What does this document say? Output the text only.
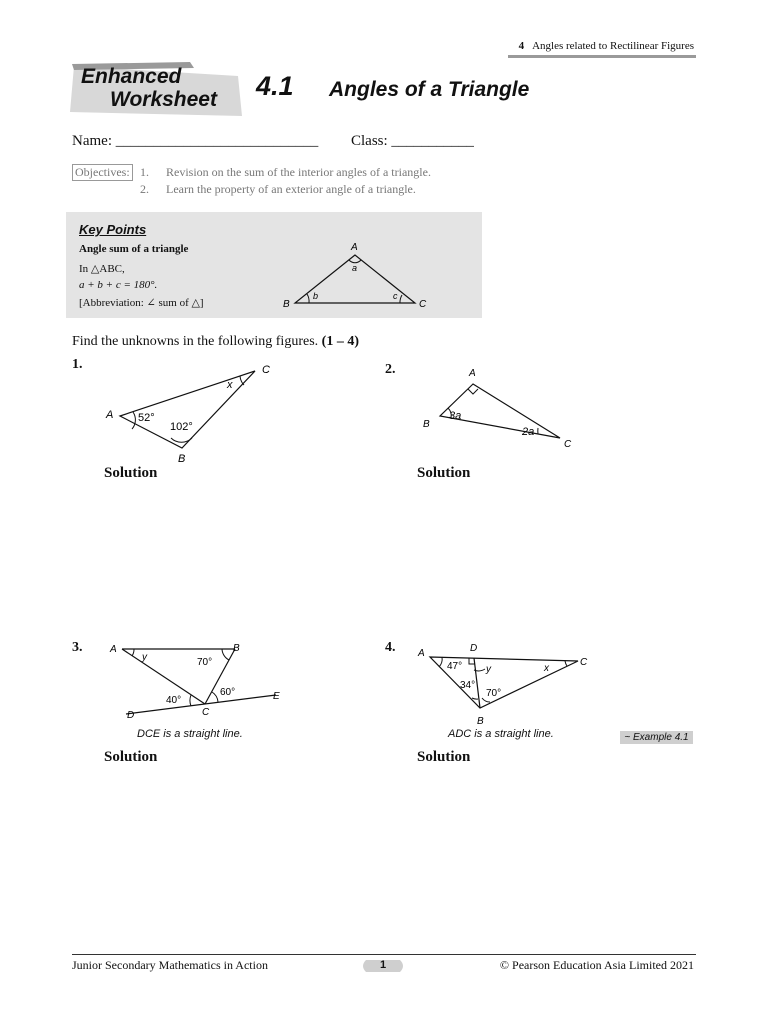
4 Angles related to Rectilinear Figures
Enhanced
Worksheet 4.1 Angles of a Triangle
Name: ___________________________ Class: ___________
Objectives: 1. Revision on the sum of the interior angles of a triangle.
2. Learn the property of an exterior angle of a triangle.
Key Points
Angle sum of a triangle
In △ABC,
a + b + c = 180°.
[Abbreviation: ∠ sum of △]
A
B	C
a
b	c
Find the unknowns in the following figures. (1 – 4)
1.
A
B
C
52°
102°
x
Solution
2.	A
B
C
3a
2a
Solution
3.	A	B
C
D
E
y	70°
40°
60°
DCE is a straight line.
Solution
4. A	D
C
B
47°
34°
70°
x
y
ADC is a straight line.	~ Example 4.1
Solution
Junior Secondary Mathematics in Action	1	© Pearson Education Asia Limited 2021
